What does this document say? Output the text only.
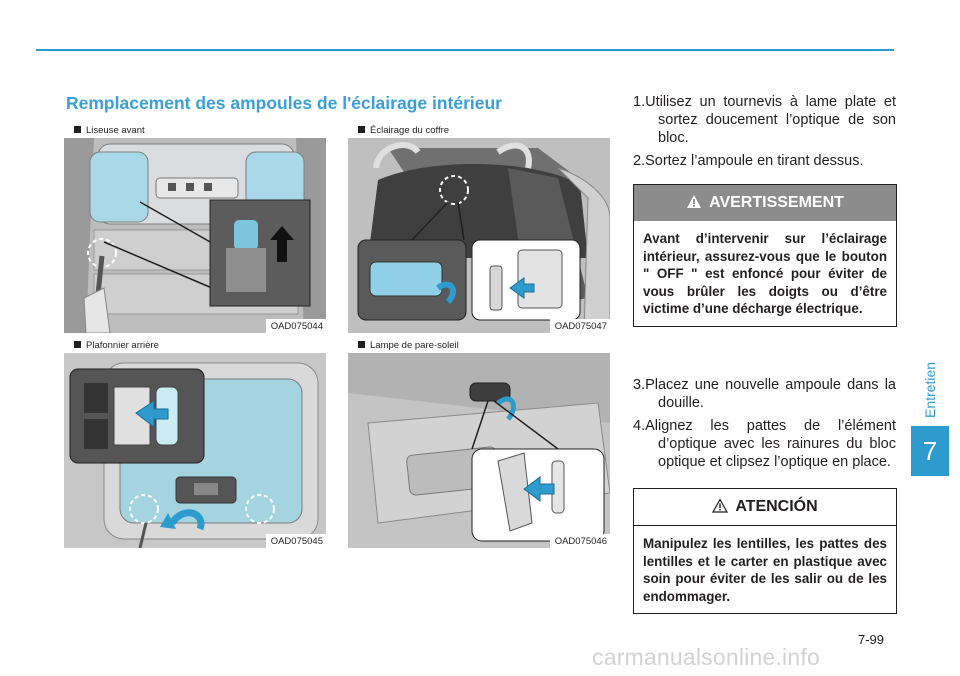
Remplacement des ampoules de l'éclairage intérieur
Liseuse avant
OAD075044
Éclairage du coffre
OAD075047
Plafonnier arrière
OAD075045
Lampe de pare-soleil
OAD075046

1.Utilisez un tournevis à lame plate et sortez doucement l’optique de son bloc.

2.Sortez l’ampoule en tirant dessus.

AVERTISSEMENT
Avant d’intervenir sur l’éclairage intérieur, assurez-vous que le bouton " OFF " est enfoncé pour éviter de vous brûler les doigts ou d’être victime d’une décharge électrique.

3.Placez une nouvelle ampoule dans la douille.

4.Alignez les pattes de l’élément d’optique avec les rainures du bloc optique et clipsez l’optique en place.

ATENCIÓN
Manipulez les lentilles, les pattes des lentilles et le carter en plastique avec soin pour éviter de les salir ou de les endommager.
Entretien
7
7-99
carmanualsonline.info
